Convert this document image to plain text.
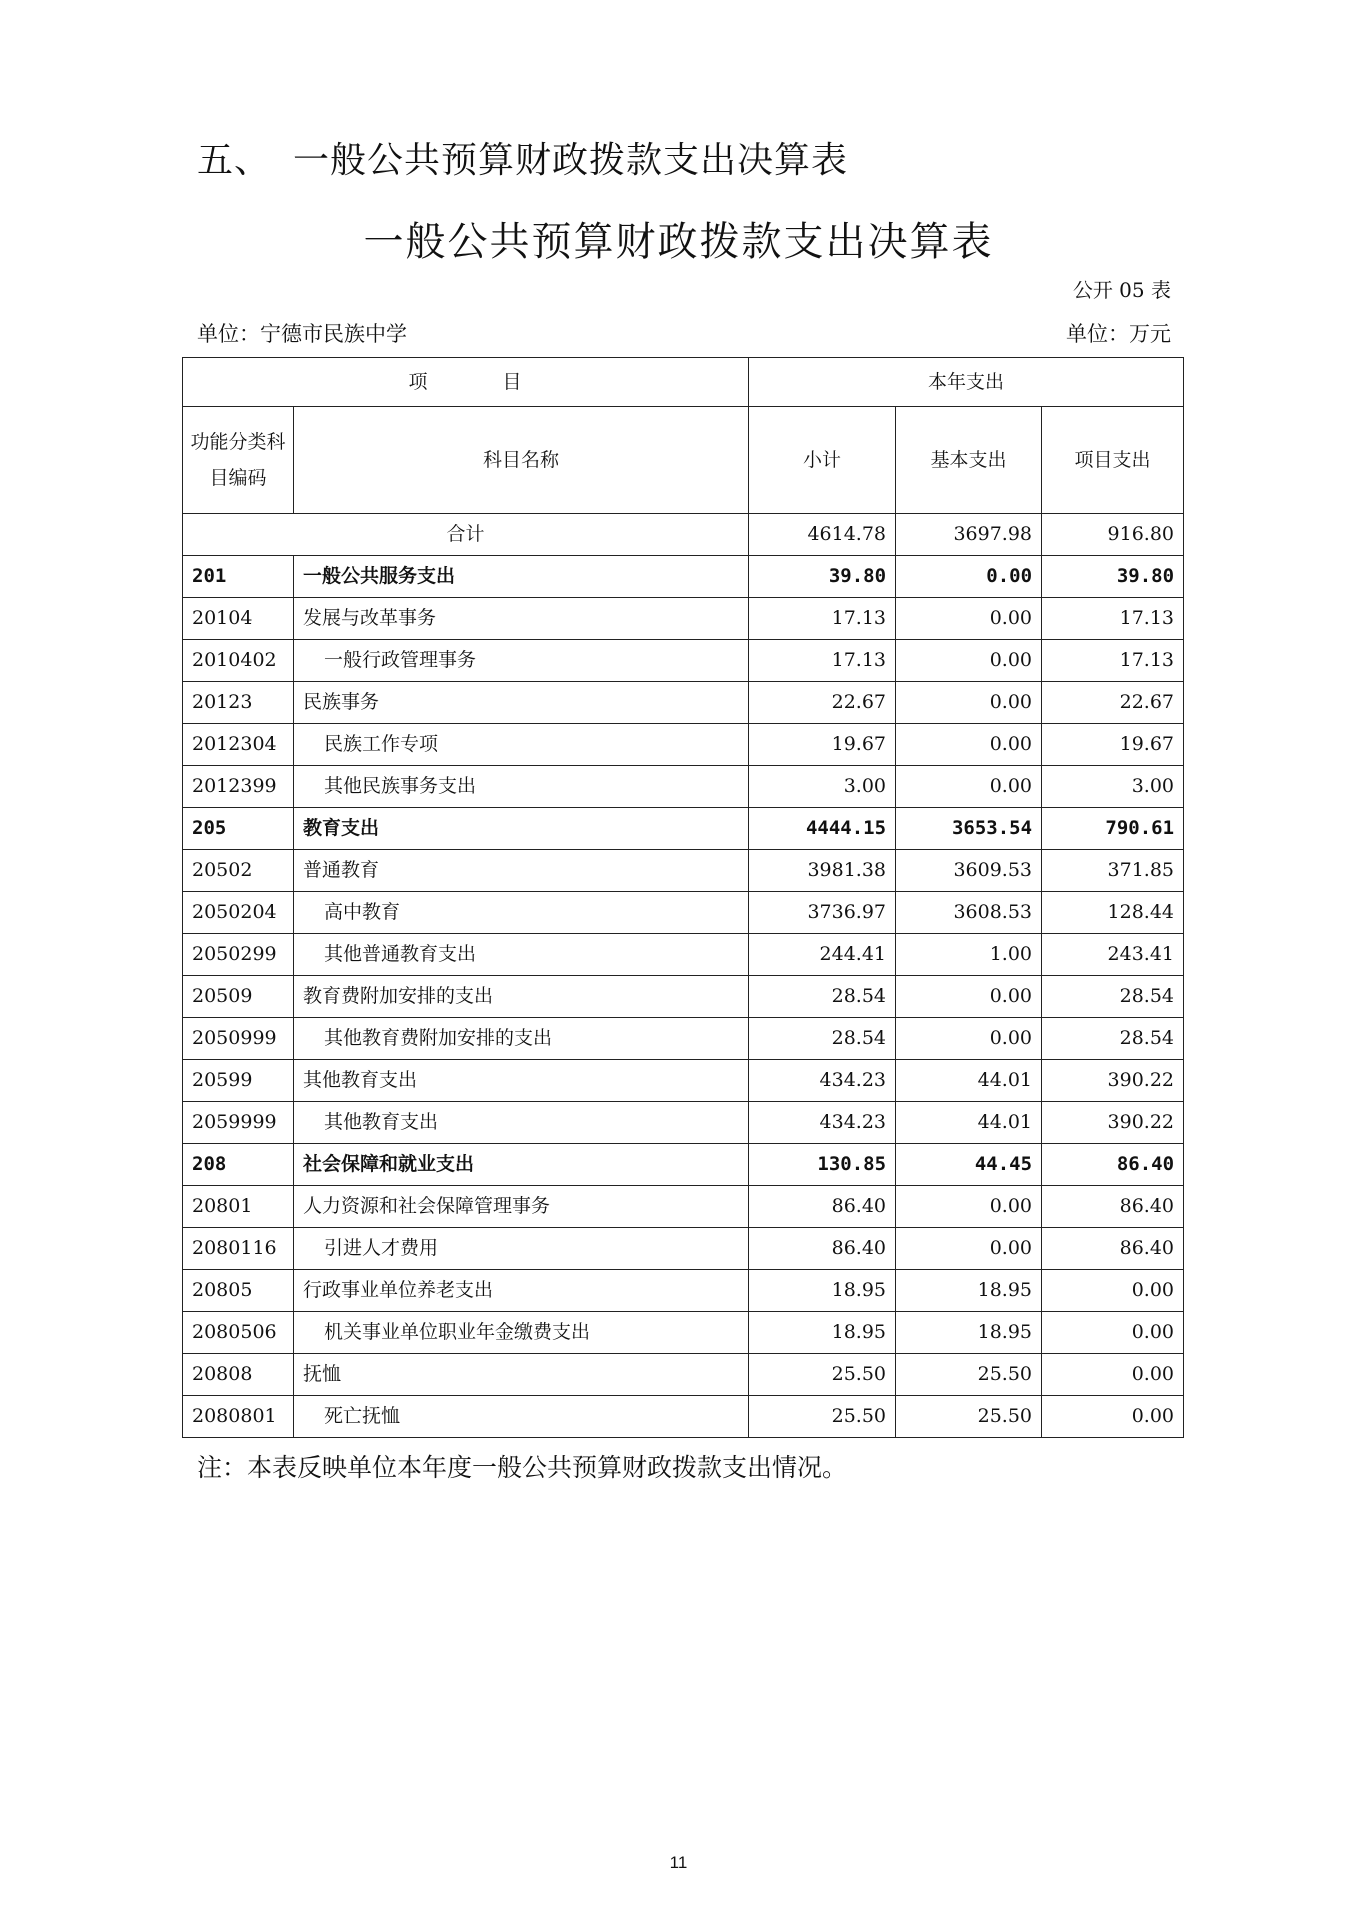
五、 一般公共预算财政拨款支出决算表
一般公共预算财政拨款支出决算表
公开 05 表
单位：宁德市民族中学	单位：万元
项　目		本年支出		
功能分类科目编码	科目名称	小计	基本支出	项目支出
合计		4614.78	3697.98	916.80
201	一般公共服务支出	39.80	0.00	39.80
20104	发展与改革事务	17.13	0.00	17.13
2010402	一般行政管理事务	17.13	0.00	17.13
20123	民族事务	22.67	0.00	22.67
2012304	民族工作专项	19.67	0.00	19.67
2012399	其他民族事务支出	3.00	0.00	3.00
205	教育支出	4444.15	3653.54	790.61
20502	普通教育	3981.38	3609.53	371.85
2050204	高中教育	3736.97	3608.53	128.44
2050299	其他普通教育支出	244.41	1.00	243.41
20509	教育费附加安排的支出	28.54	0.00	28.54
2050999	其他教育费附加安排的支出	28.54	0.00	28.54
20599	其他教育支出	434.23	44.01	390.22
2059999	其他教育支出	434.23	44.01	390.22
208	社会保障和就业支出	130.85	44.45	86.40
20801	人力资源和社会保障管理事务	86.40	0.00	86.40
2080116	引进人才费用	86.40	0.00	86.40
20805	行政事业单位养老支出	18.95	18.95	0.00
2080506	机关事业单位职业年金缴费支出	18.95	18.95	0.00
20808	抚恤	25.50	25.50	0.00
2080801	死亡抚恤	25.50	25.50	0.00
注：本表反映单位本年度一般公共预算财政拨款支出情况。
11
